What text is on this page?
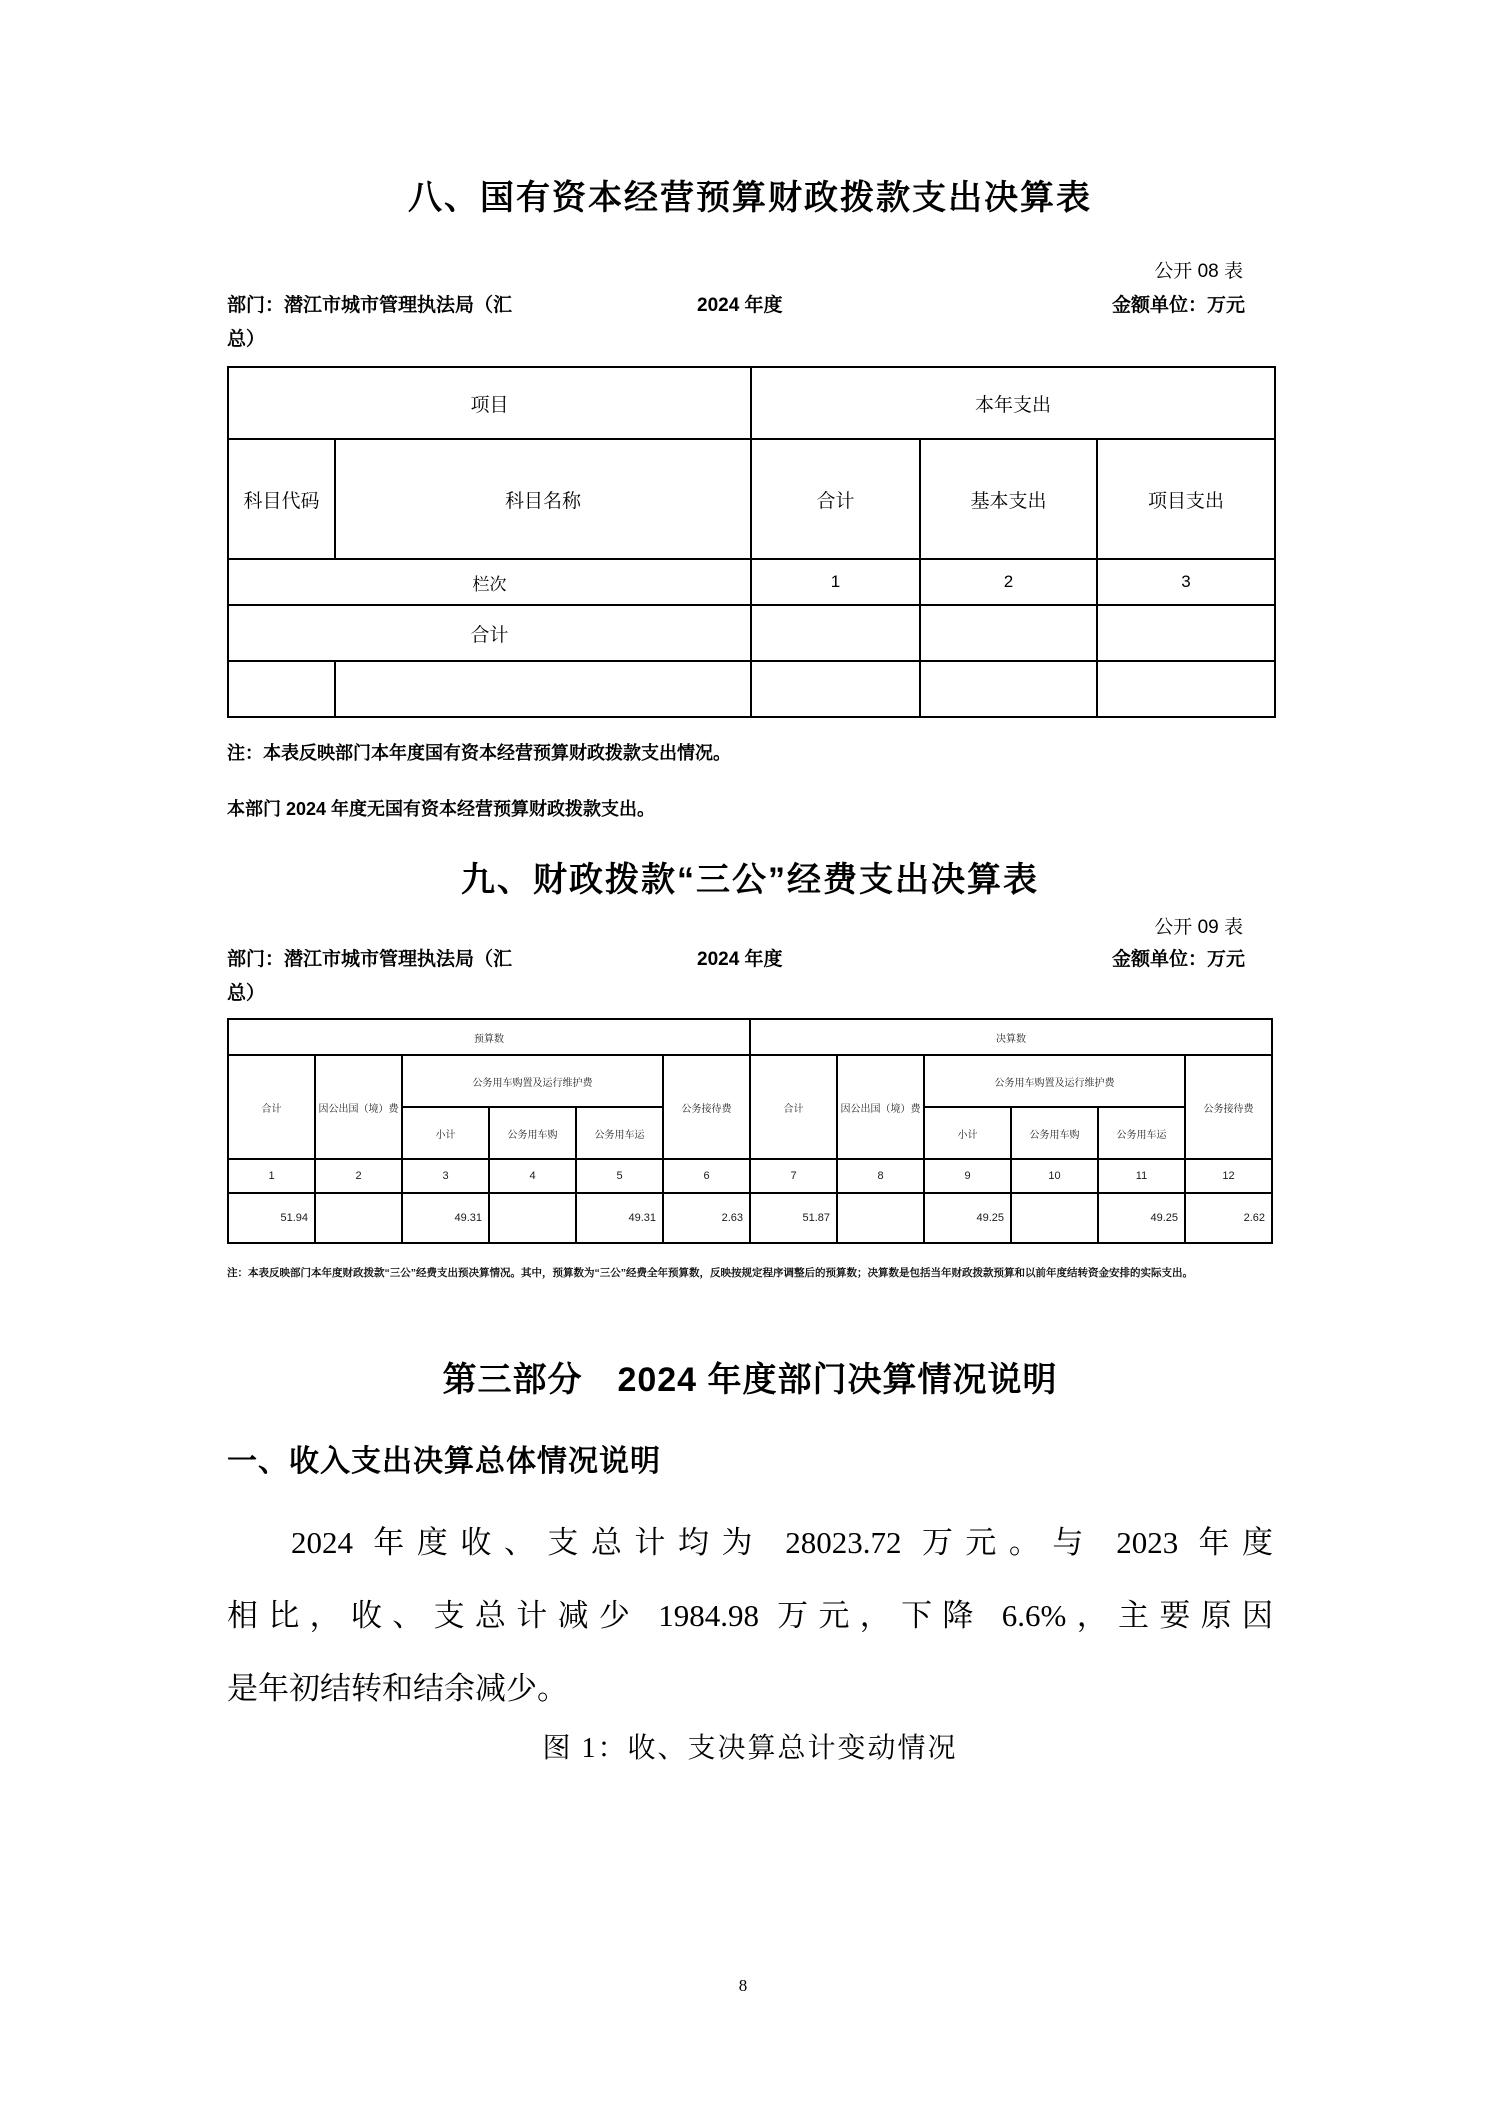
八、国有资本经营预算财政拨款支出决算表
公开 08 表
部门：潜江市城市管理执法局（汇	2024 年度	金额单位：万元
总）
项目		本年支出		
科目代码	科目名称	合计	基本支出	项目支出
栏次		1	2	3
合计				

注：本表反映部门本年度国有资本经营预算财政拨款支出情况。
本部门 2024 年度无国有资本经营预算财政拨款支出。
九、财政拨款“三公”经费支出决算表
公开 09 表
部门：潜江市城市管理执法局（汇	2024 年度	金额单位：万元
总）
预算数						决算数					
合计	因公出国（境）费	公务用车购置及运行维护费			公务接待费	合计	因公出国（境）费	公务用车购置及运行维护费			公务接待费
		小计	公务用车购	公务用车运				小计	公务用车购	公务用车运	
1	2	3	4	5	6	7	8	9	10	11	12
51.94		49.31		49.31	2.63	51.87		49.25		49.25	2.62
注：本表反映部门本年度财政拨款“三公”经费支出预决算情况。其中，预算数为“三公”经费全年预算数，反映按规定程序调整后的预算数；决算数是包括当年财政拨款预算和以前年度结转资金安排的实际支出。
第三部分　2024 年度部门决算情况说明
一、收入支出决算总体情况说明
2024 年度收、支总计均为 28023.72 万元。与 2023 年度
相比，收、支总计减少 1984.98 万元，下降 6.6%，主要原因
是年初结转和结余减少。
图 1：收、支决算总计变动情况
8
